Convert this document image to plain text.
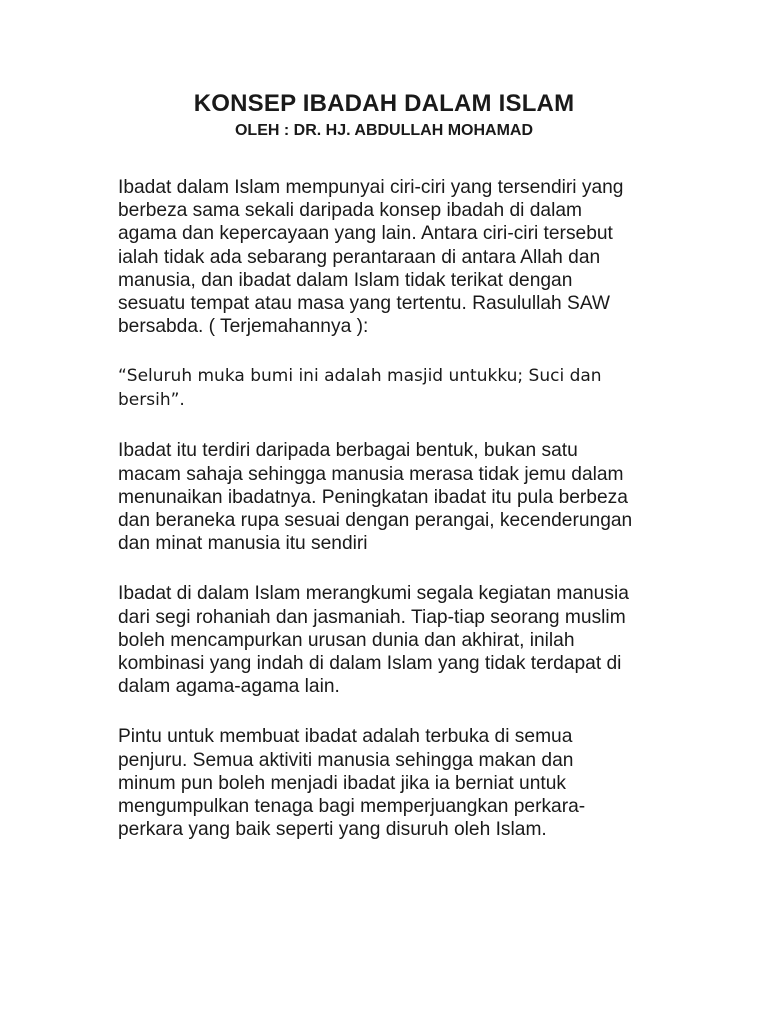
KONSEP IBADAH DALAM ISLAM
OLEH : DR. HJ. ABDULLAH MOHAMAD

Ibadat dalam Islam mempunyai ciri-ciri yang tersendiri yang
berbeza sama sekali daripada konsep ibadah di dalam
agama dan kepercayaan yang lain. Antara ciri-ciri tersebut
ialah tidak ada sebarang perantaraan di antara Allah dan
manusia, dan ibadat dalam Islam tidak terikat dengan
sesuatu tempat atau masa yang tertentu. Rasulullah SAW
bersabda. ( Terjemahannya ):

“Seluruh muka bumi ini adalah masjid untukku; Suci dan
bersih”.

Ibadat itu terdiri daripada berbagai bentuk, bukan satu
macam sahaja sehingga manusia merasa tidak jemu dalam
menunaikan ibadatnya. Peningkatan ibadat itu pula berbeza
dan beraneka rupa sesuai dengan perangai, kecenderungan
dan minat manusia itu sendiri

Ibadat di dalam Islam merangkumi segala kegiatan manusia
dari segi rohaniah dan jasmaniah. Tiap-tiap seorang muslim
boleh mencampurkan urusan dunia dan akhirat, inilah
kombinasi yang indah di dalam Islam yang tidak terdapat di
dalam agama-agama lain.

Pintu untuk membuat ibadat adalah terbuka di semua
penjuru. Semua aktiviti manusia sehingga makan dan
minum pun boleh menjadi ibadat jika ia berniat untuk
mengumpulkan tenaga bagi memperjuangkan perkara-
perkara yang baik seperti yang disuruh oleh Islam.
